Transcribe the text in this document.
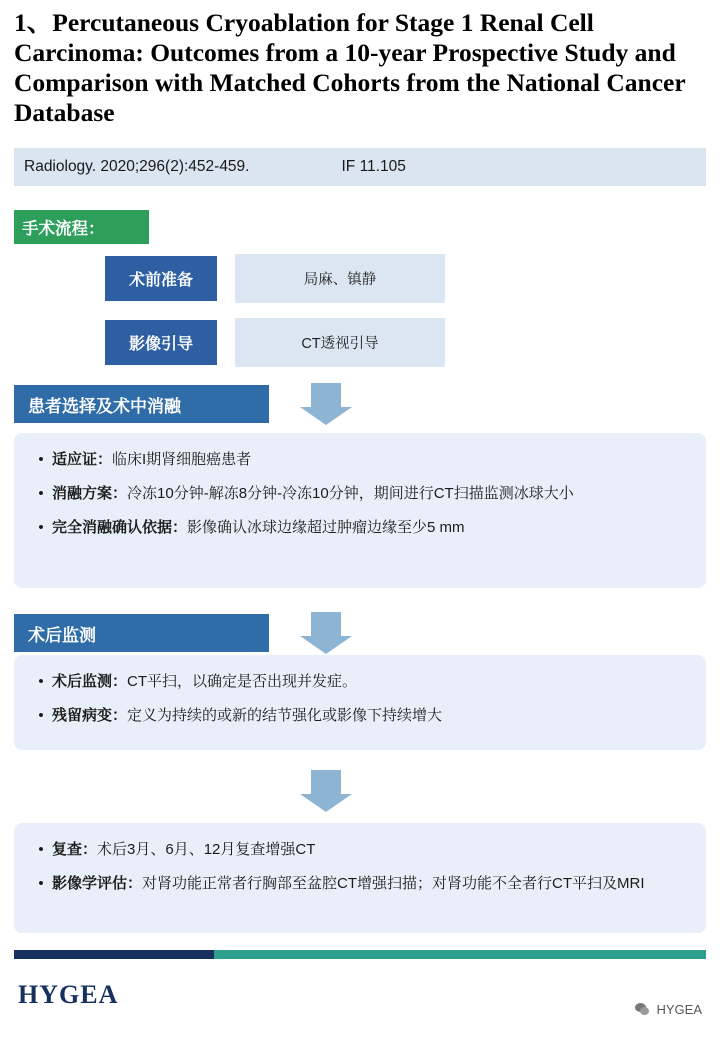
1、Percutaneous Cryoablation for Stage 1 Renal Cell Carcinoma: Outcomes from a 10-year Prospective Study and Comparison with Matched Cohorts from the National Cancer Database
Radiology. 2020;296(2):452-459.	IF 11.105
手术流程：
术前准备	局麻、镇静
影像引导	CT透视引导
患者选择及术中消融
• 适应证：临床I期肾细胞癌患者
• 消融方案：冷冻10分钟-解冻8分钟-冷冻10分钟，期间进行CT扫描监测冰球大小
• 完全消融确认依据：影像确认冰球边缘超过肿瘤边缘至少5 mm
术后监测
• 术后监测：CT平扫，以确定是否出现并发症。
• 残留病变：定义为持续的或新的结节强化或影像下持续增大
• 复查：术后3月、6月、12月复查增强CT
• 影像学评估：对肾功能正常者行胸部至盆腔CT增强扫描；对肾功能不全者行CT平扫及MRI
HYGEA
HYGEA
